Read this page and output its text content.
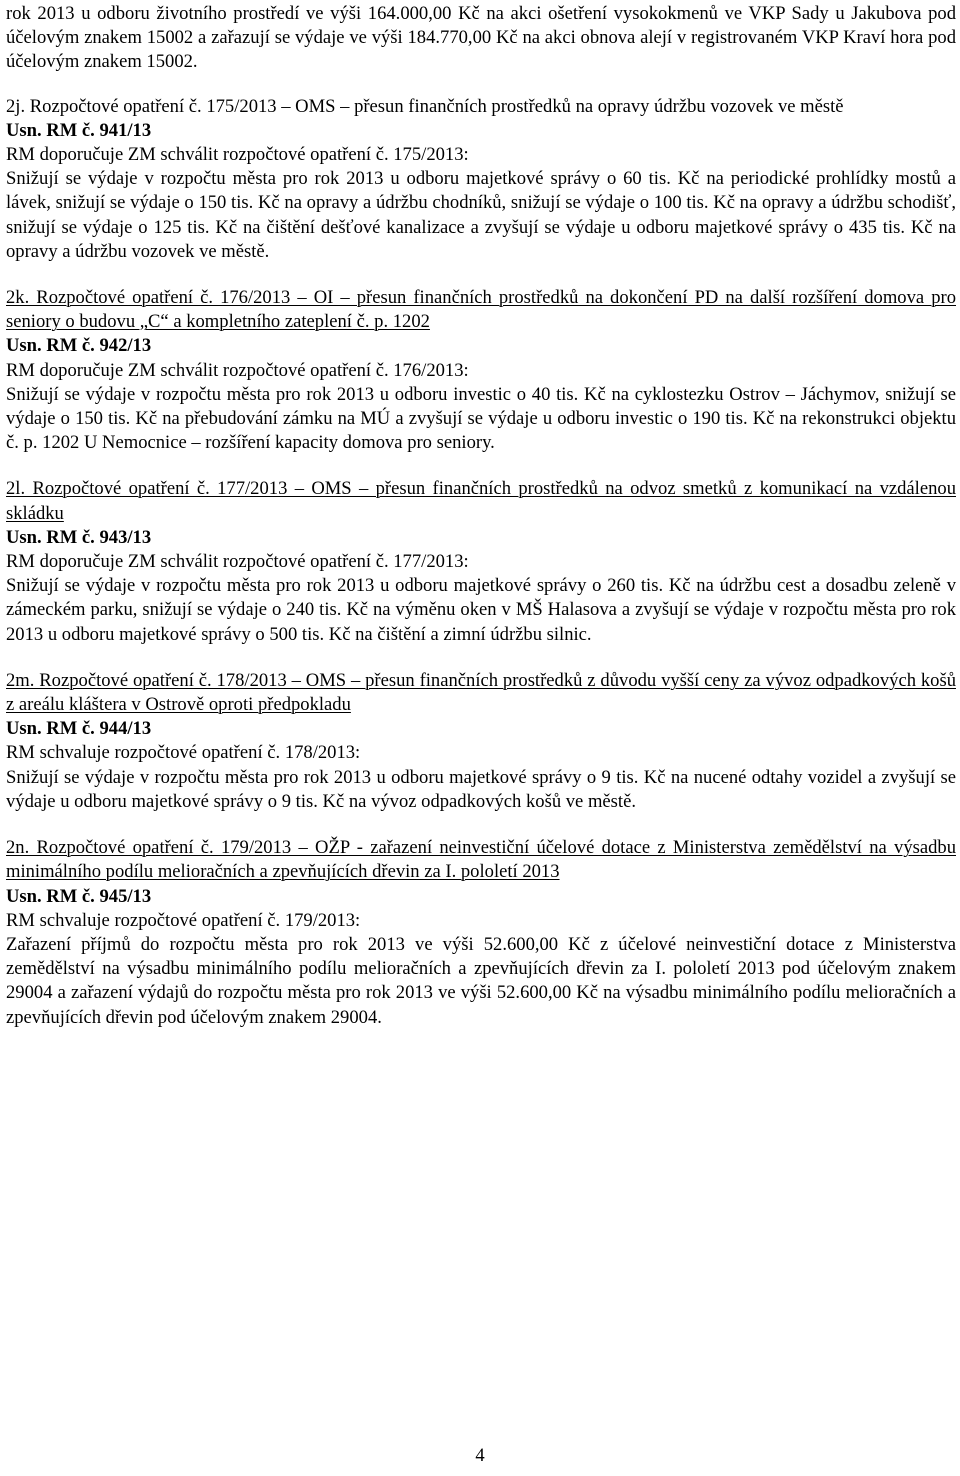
rok 2013 u odboru životního prostředí ve výši 164.000,00 Kč na akci ošetření vysokokmenů ve VKP Sady u Jakubova pod účelovým znakem 15002 a zařazují se výdaje ve výši 184.770,00 Kč na akci obnova alejí v registrovaném VKP Kraví hora pod účelovým znakem 15002.

2j. Rozpočtové opatření č. 175/2013 – OMS – přesun finančních prostředků na opravy údržbu vozovek ve městě

Usn. RM č. 941/13

RM doporučuje ZM schválit rozpočtové opatření č. 175/2013:

Snižují se výdaje v rozpočtu města pro rok 2013 u odboru majetkové správy o 60 tis. Kč na periodické prohlídky mostů a lávek, snižují se výdaje o 150 tis. Kč na opravy a údržbu chodníků, snižují se výdaje o 100 tis. Kč na opravy a údržbu schodišť, snižují se výdaje o 125 tis. Kč na čištění dešťové kanalizace a zvyšují se výdaje u odboru majetkové správy o 435 tis. Kč na opravy a údržbu vozovek ve městě.

2k. Rozpočtové opatření č. 176/2013 – OI – přesun finančních prostředků na dokončení PD na další rozšíření domova pro seniory o budovu „C“ a kompletního zateplení č. p. 1202

Usn. RM č. 942/13

RM doporučuje ZM schválit rozpočtové opatření č. 176/2013:

Snižují se výdaje v rozpočtu města pro rok 2013 u odboru investic o 40 tis. Kč na cyklostezku Ostrov – Jáchymov, snižují se výdaje o 150 tis. Kč na přebudování zámku na MÚ a zvyšují se výdaje u odboru investic o 190 tis. Kč na rekonstrukci objektu č. p. 1202 U Nemocnice – rozšíření kapacity domova pro seniory.

2l. Rozpočtové opatření č. 177/2013 – OMS – přesun finančních prostředků na odvoz smetků z komunikací na vzdálenou skládku

Usn. RM č. 943/13

RM doporučuje ZM schválit rozpočtové opatření č. 177/2013:

Snižují se výdaje v rozpočtu města pro rok 2013 u odboru majetkové správy o 260 tis. Kč na údržbu cest a dosadbu zeleně v zámeckém parku, snižují se výdaje o 240 tis. Kč na výměnu oken v MŠ Halasova a zvyšují se výdaje v rozpočtu města pro rok 2013 u odboru majetkové správy o 500 tis. Kč na čištění a zimní údržbu silnic.

2m. Rozpočtové opatření č. 178/2013 – OMS – přesun finančních prostředků z důvodu vyšší ceny za vývoz odpadkových košů z areálu kláštera v Ostrově oproti předpokladu

Usn. RM č. 944/13

RM schvaluje rozpočtové opatření č. 178/2013:

Snižují se výdaje v rozpočtu města pro rok 2013 u odboru majetkové správy o 9 tis. Kč na nucené odtahy vozidel a zvyšují se výdaje u odboru majetkové správy o 9 tis. Kč na vývoz odpadkových košů ve městě.

2n. Rozpočtové opatření č. 179/2013 – OŽP - zařazení neinvestiční účelové dotace z Ministerstva zemědělství na výsadbu minimálního podílu melioračních a zpevňujících dřevin za I. pololetí 2013

Usn. RM č. 945/13

RM schvaluje rozpočtové opatření č. 179/2013:

Zařazení příjmů do rozpočtu města pro rok 2013 ve výši 52.600,00 Kč z účelové neinvestiční dotace z Ministerstva zemědělství na výsadbu minimálního podílu melioračních a zpevňujících dřevin za I. pololetí 2013 pod účelovým znakem 29004 a zařazení výdajů do rozpočtu města pro rok 2013 ve výši 52.600,00 Kč na výsadbu minimálního podílu melioračních a zpevňujících dřevin pod účelovým znakem 29004.

4
